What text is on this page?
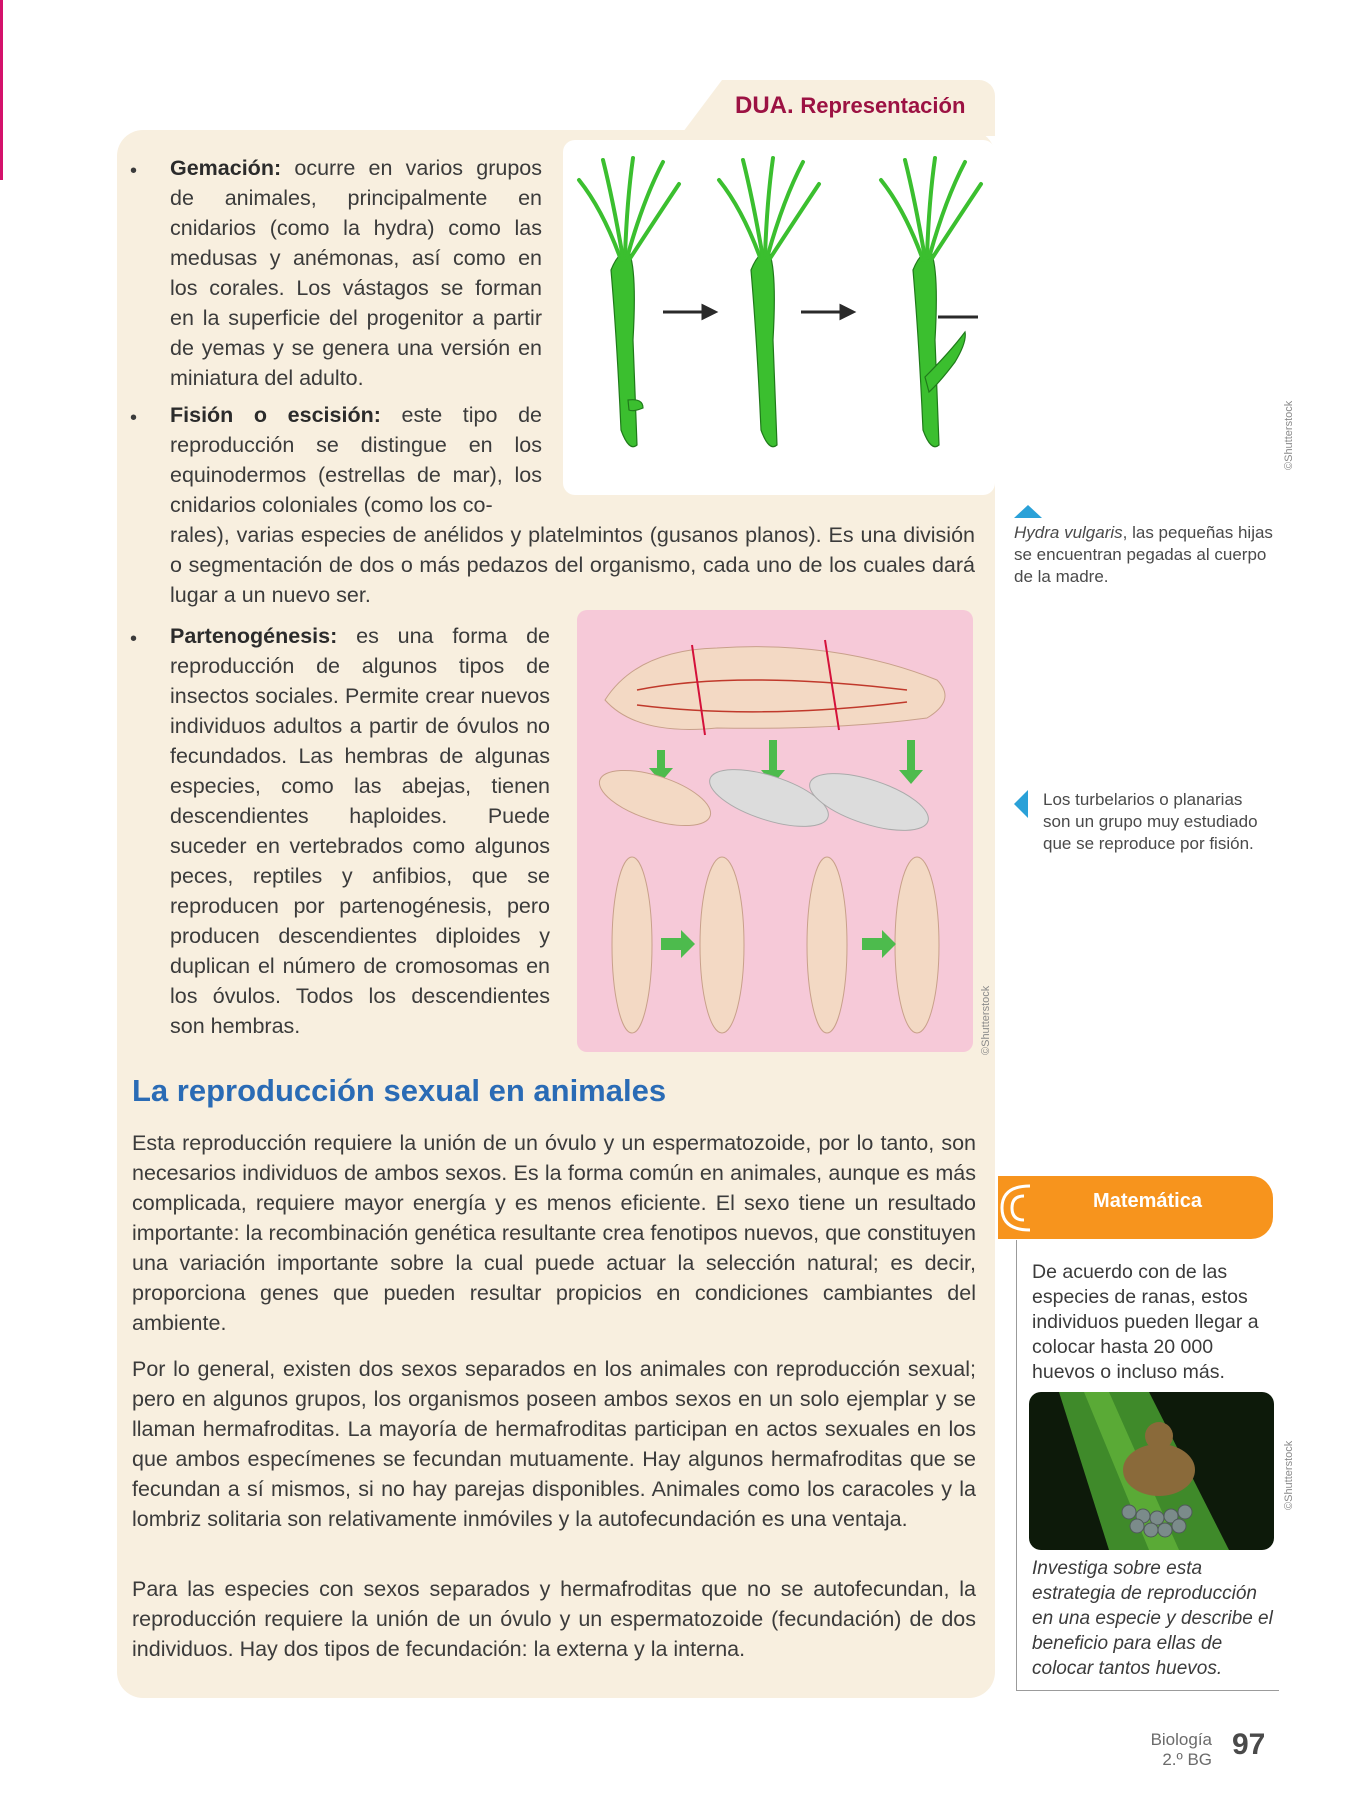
DUA. Representación
• Gemación: ocurre en varios grupos de animales, principalmente en cnidarios (como la hydra) como las medusas y anémonas, así como en los corales. Los vástagos se forman en la superficie del progenitor a partir de yemas y se genera una versión en miniatura del adulto.
• Fisión o escisión: este tipo de reproducción se distingue en los equinodermos (estrellas de mar), los cnidarios coloniales (como los co-
rales), varias especies de anélidos y platelmintos (gusanos planos). Es una división o segmentación de dos o más pedazos del organismo, cada uno de los cuales dará lugar a un nuevo ser.
• Partenogénesis: es una forma de reproducción de algunos tipos de insectos sociales. Permite crear nuevos individuos adultos a partir de óvulos no fecundados. Las hembras de algunas especies, como las abejas, tienen descendientes haploides. Puede suceder en vertebrados como algunos peces, reptiles y anfibios, que se reproducen por partenogénesis, pero producen descendientes diploides y duplican el número de cromosomas en los óvulos. Todos los descendientes son hembras.
©Shutterstock
Hydra vulgaris, las pequeñas hijas se encuentran pegadas al cuerpo de la madre.
©Shutterstock
Los turbelarios o planarias son un grupo muy estudiado que se reproduce por fisión.
La reproducción sexual en animales
Esta reproducción requiere la unión de un óvulo y un espermatozoide, por lo tanto, son necesarios individuos de ambos sexos. Es la forma común en animales, aunque es más complicada, requiere mayor energía y es menos eficiente. El sexo tiene un resultado importante: la recombinación genética resultante crea fenotipos nuevos, que constituyen una variación importante sobre la cual puede actuar la selección natural; es decir, proporciona genes que pueden resultar propicios en condiciones cambiantes del ambiente.
Por lo general, existen dos sexos separados en los animales con reproducción sexual; pero en algunos grupos, los organismos poseen ambos sexos en un solo ejemplar y se llaman hermafroditas. La mayoría de hermafroditas participan en actos sexuales en los que ambos especímenes se fecundan mutuamente. Hay algunos hermafroditas que se fecundan a sí mismos, si no hay parejas disponibles. Animales como los caracoles y la lombriz solitaria son relativamente inmóviles y la autofecundación es una ventaja.
Para las especies con sexos separados y hermafroditas que no se autofecundan, la reproducción requiere la unión de un óvulo y un espermatozoide (fecundación) de dos individuos. Hay dos tipos de fecundación: la externa y la interna.
Matemática
De acuerdo con de las especies de ranas, estos individuos pueden llegar a colocar hasta 20 000 huevos o incluso más.
©Shutterstock
Investiga sobre esta estrategia de reproducción en una especie y describe el beneficio para ellas de colocar tantos huevos.
Biología
2.º BG 97
